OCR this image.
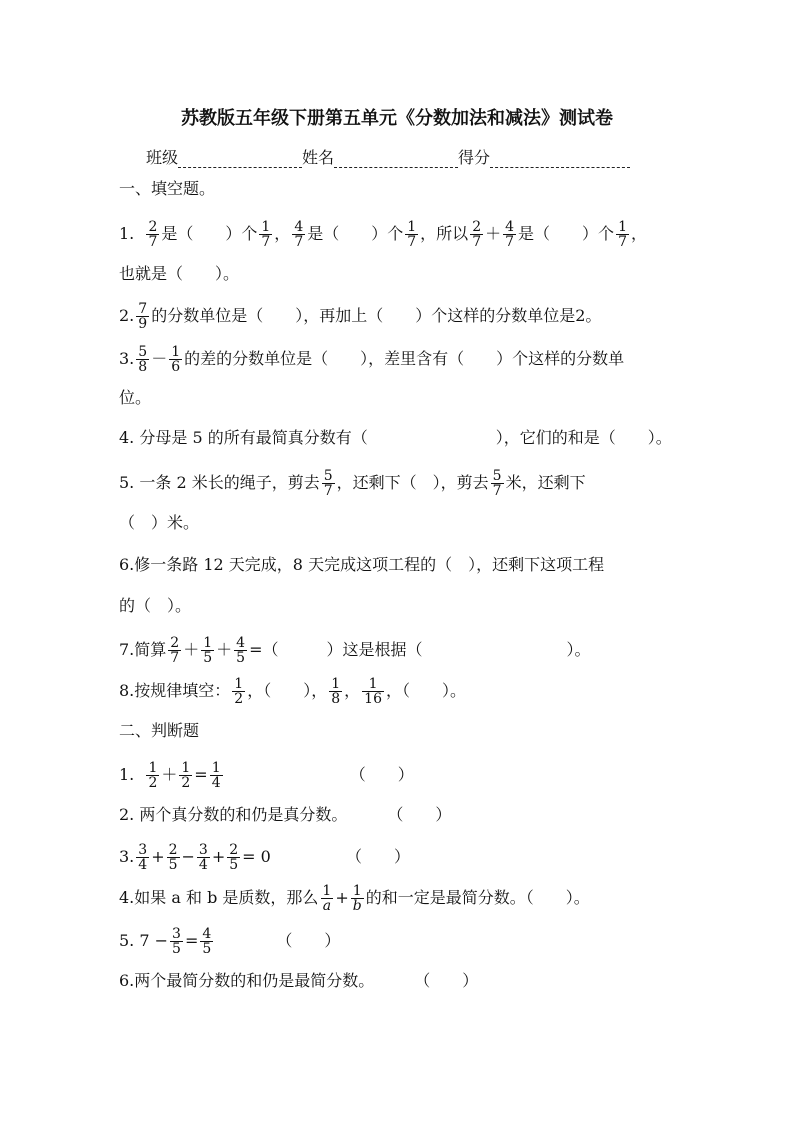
苏教版五年级下册第五单元《分数加法和减法》测试卷
班级	姓名	得分
一、填空题。
1. $\frac{2}{7}$ 是（　　）个 $\frac{1}{7}$ ， $\frac{4}{7}$ 是（　　）个 $\frac{1}{7}$ ，所以 $\frac{2}{7} + \frac{4}{7}$ 是（　　）个 $\frac{1}{7}$ ，
也就是（　　）。
2. $\frac{7}{9}$ 的分数单位是（　　），再加上（　　）个这样的分数单位是2。
3. $\frac{5}{8} - \frac{1}{6}$ 的差的分数单位是（　　），差里含有（　　）个这样的分数单
位。
4. 分母是 5 的所有最简真分数有（　　　　　　　　），它们的和是（　　）。
5. 一条 2 米长的绳子，剪去 $\frac{5}{7}$ ，还剩下（　），剪去 $\frac{5}{7}$ 米，还剩下
（　）米。
6.修一条路 12 天完成，8 天完成这项工程的（　），还剩下这项工程
的（　）。
7.简算 $\frac{2}{7} + \frac{1}{5} + \frac{4}{5}$ =（　　　）这是根据（　　　　　　　　　）。
8.按规律填空： $\frac{1}{2}$ ，（　　）， $\frac{1}{8}$ ， $\frac{1}{16}$ ，（　　）。
二、判断题
1. $\frac{1}{2} + \frac{1}{2} = \frac{1}{4}$	（　　）
2. 两个真分数的和仍是真分数。	（　　）
3. $\frac{3}{4} + \frac{2}{5} - \frac{3}{4} + \frac{2}{5} = 0$	（　　）
4.如果 a 和 b 是质数，那么 $\frac{1}{a} + \frac{1}{b}$ 的和一定是最简分数。（　　）。
5. $7 - \frac{3}{5} = \frac{4}{5}$	（　　）
6.两个最简分数的和仍是最简分数。	（　　）
